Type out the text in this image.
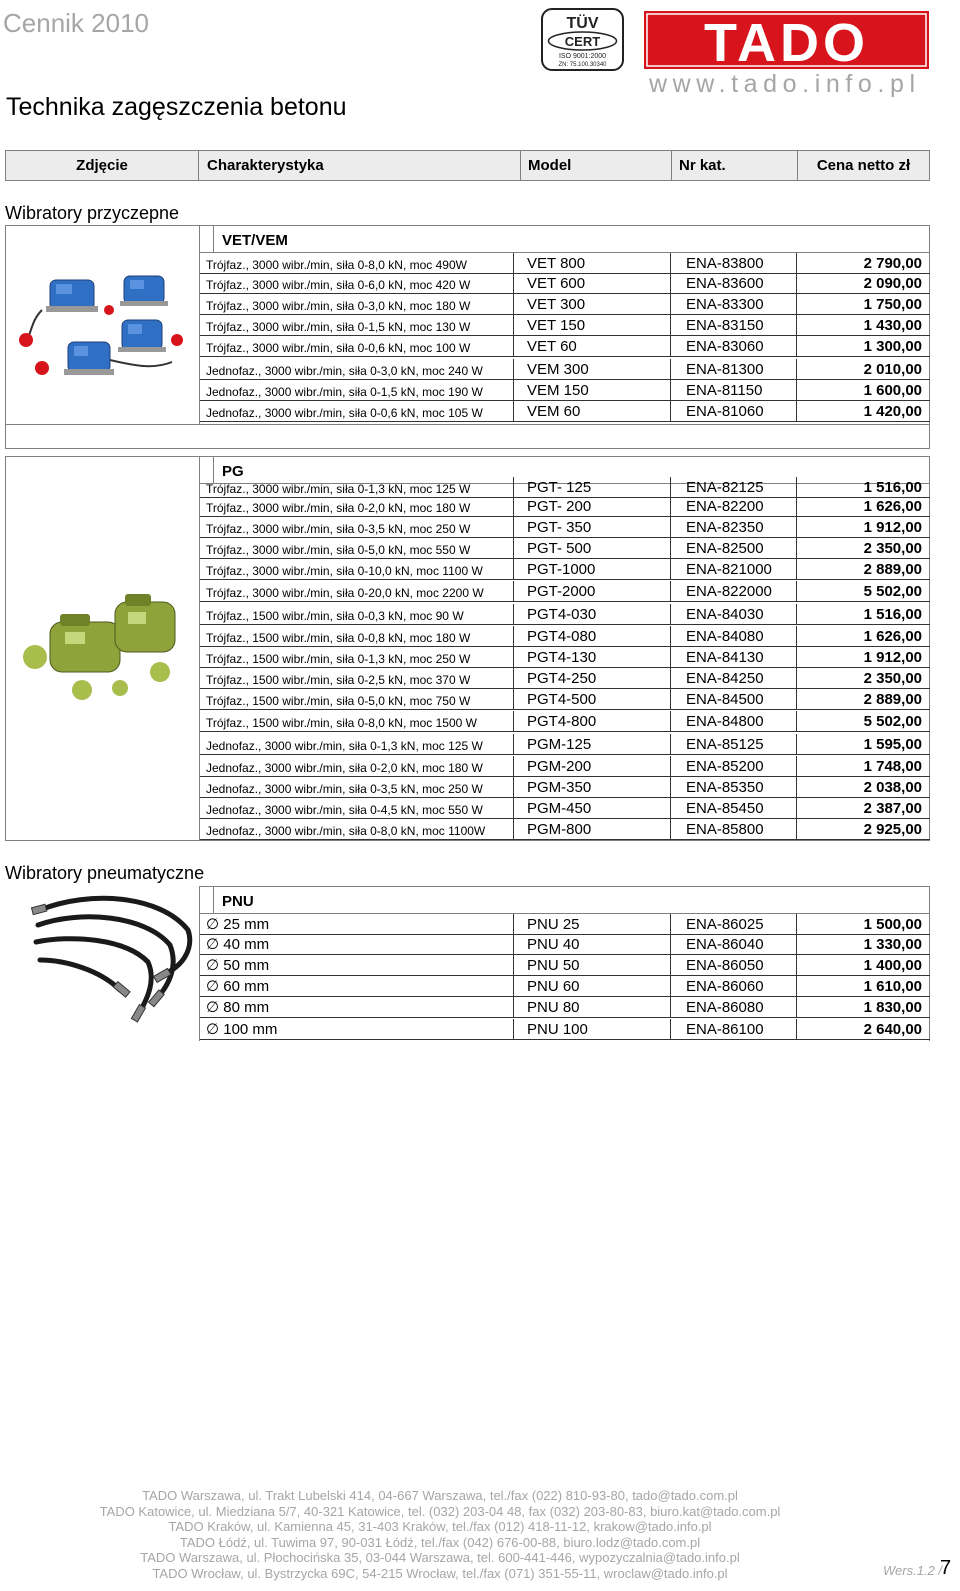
Cennik 2010
Technika zagęszczenia betonu
TÜV
CERT
ISO 9001:2000
ZN: 75.100.30340 TADO
www.tado.info.pl
Zdjęcie	Charakterystyka	Model	Nr kat.	Cena netto zł
Wibratory przyczepne
VET/VEM
Trójfaz., 3000 wibr./min, siła 0-8,0 kN, moc 490W	VET 800	ENA-83800	2 790,00
Trójfaz., 3000 wibr./min, siła 0-6,0 kN, moc 420 W	VET 600	ENA-83600	2 090,00
Trójfaz., 3000 wibr./min, siła 0-3,0 kN, moc 180 W	VET 300	ENA-83300	1 750,00
Trójfaz., 3000 wibr./min, siła 0-1,5 kN, moc 130 W	VET 150	ENA-83150	1 430,00
Trójfaz., 3000 wibr./min, siła 0-0,6 kN, moc 100 W	VET 60	ENA-83060	1 300,00
Jednofaz., 3000 wibr./min, siła 0-3,0 kN, moc 240 W	VEM 300	ENA-81300	2 010,00
Jednofaz., 3000 wibr./min, siła 0-1,5 kN, moc 190 W	VEM 150	ENA-81150	1 600,00
Jednofaz., 3000 wibr./min, siła 0-0,6 kN, moc 105 W	VEM 60	ENA-81060	1 420,00
PG
Trójfaz., 3000 wibr./min, siła 0-1,3 kN, moc 125 W	PGT- 125	ENA-82125	1 516,00
Trójfaz., 3000 wibr./min, siła 0-2,0 kN, moc 180 W	PGT- 200	ENA-82200	1 626,00
Trójfaz., 3000 wibr./min, siła 0-3,5 kN, moc 250 W	PGT- 350	ENA-82350	1 912,00
Trójfaz., 3000 wibr./min, siła 0-5,0 kN, moc 550 W	PGT- 500	ENA-82500	2 350,00
Trójfaz., 3000 wibr./min, siła 0-10,0 kN, moc 1100 W	PGT-1000	ENA-821000	2 889,00
Trójfaz., 3000 wibr./min, siła 0-20,0 kN, moc 2200 W	PGT-2000	ENA-822000	5 502,00
Trójfaz., 1500 wibr./min, siła 0-0,3 kN, moc 90 W	PGT4-030	ENA-84030	1 516,00
Trójfaz., 1500 wibr./min, siła 0-0,8 kN, moc 180 W	PGT4-080	ENA-84080	1 626,00
Trójfaz., 1500 wibr./min, siła 0-1,3 kN, moc 250 W	PGT4-130	ENA-84130	1 912,00
Trójfaz., 1500 wibr./min, siła 0-2,5 kN, moc 370 W	PGT4-250	ENA-84250	2 350,00
Trójfaz., 1500 wibr./min, siła 0-5,0 kN, moc 750 W	PGT4-500	ENA-84500	2 889,00
Trójfaz., 1500 wibr./min, siła 0-8,0 kN, moc 1500 W	PGT4-800	ENA-84800	5 502,00
Jednofaz., 3000 wibr./min, siła 0-1,3 kN, moc 125 W	PGM-125	ENA-85125	1 595,00
Jednofaz., 3000 wibr./min, siła 0-2,0 kN, moc 180 W	PGM-200	ENA-85200	1 748,00
Jednofaz., 3000 wibr./min, siła 0-3,5 kN, moc 250 W	PGM-350	ENA-85350	2 038,00
Jednofaz., 3000 wibr./min, siła 0-4,5 kN, moc 550 W	PGM-450	ENA-85450	2 387,00
Jednofaz., 3000 wibr./min, siła 0-8,0 kN, moc 1100W	PGM-800	ENA-85800	2 925,00
Wibratory pneumatyczne
PNU
∅ 25 mm	PNU 25	ENA-86025	1 500,00
∅ 40 mm	PNU 40	ENA-86040	1 330,00
∅ 50 mm	PNU 50	ENA-86050	1 400,00
∅ 60 mm	PNU 60	ENA-86060	1 610,00
∅ 80 mm	PNU 80	ENA-86080	1 830,00
∅ 100 mm	PNU 100	ENA-86100	2 640,00
TADO Warszawa, ul. Trakt Lubelski 414, 04-667 Warszawa, tel./fax (022) 810-93-80, tado@tado.com.pl
TADO Katowice, ul. Miedziana 5/7, 40-321 Katowice, tel. (032) 203-04 48, fax (032) 203-80-83, biuro.kat@tado.com.pl
TADO Kraków, ul. Kamienna 45, 31-403 Kraków, tel./fax (012) 418-11-12, krakow@tado.info.pl
TADO Łódź, ul. Tuwima 97, 90-031 Łódź, tel./fax (042) 676-00-88, biuro.lodz@tado.com.pl
TADO Warszawa, ul. Płochocińska 35, 03-044 Warszawa, tel. 600-441-446, wypozyczalnia@tado.info.pl
TADO Wrocław, ul. Bystrzycka 69C, 54-215 Wrocław, tel./fax (071) 351-55-11, wroclaw@tado.info.pl	Wers.1.2 /
7
